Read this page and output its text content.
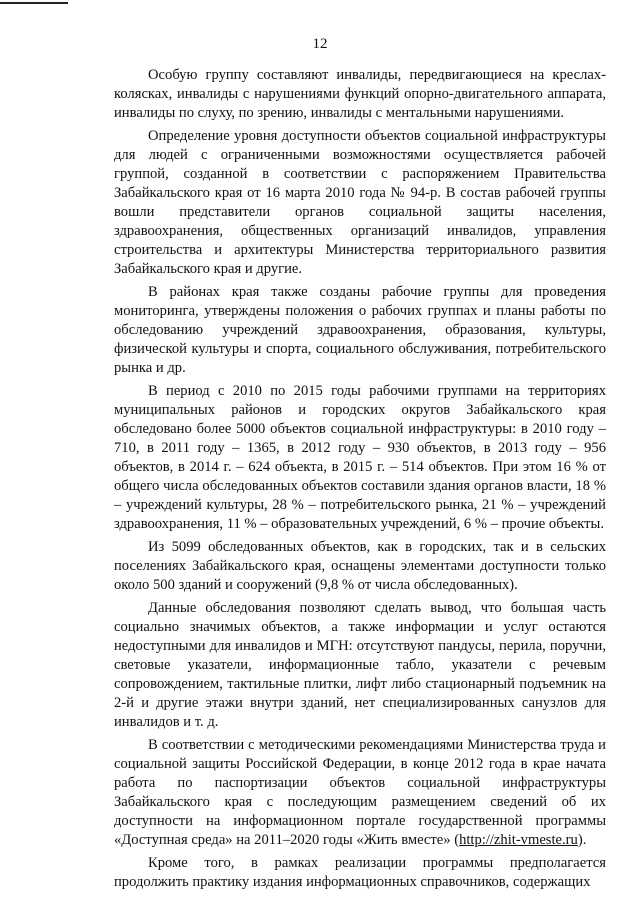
12

Особую группу составляют инвалиды, передвигающиеся на креслах-колясках, инвалиды с нарушениями функций опорно-двигательного аппарата, инвалиды по слуху, по зрению, инвалиды с ментальными нарушениями.

Определение уровня доступности объектов социальной инфраструктуры для людей с ограниченными возможностями осуществляется рабочей группой, созданной в соответствии с распоряжением Правительства Забайкальского края от 16 марта 2010 года № 94-р. В состав рабочей группы вошли представители органов социальной защиты населения, здравоохранения, общественных организаций инвалидов, управления строительства и архитектуры Министерства территориального развития Забайкальского края и другие.

В районах края также созданы рабочие группы для проведения мониторинга, утверждены положения о рабочих группах и планы работы по обследованию учреждений здравоохранения, образования, культуры, физической культуры и спорта, социального обслуживания, потребительского рынка и др.

В период с 2010 по 2015 годы рабочими группами на территориях муниципальных районов и городских округов Забайкальского края обследовано более 5000 объектов социальной инфраструктуры: в 2010 году – 710, в 2011 году – 1365, в 2012 году – 930 объектов, в 2013 году – 956 объектов, в 2014 г. – 624 объекта, в 2015 г. – 514 объектов. При этом 16 % от общего числа обследованных объектов составили здания органов власти, 18 % – учреждений культуры, 28 % – потребительского рынка, 21 % – учреждений здравоохранения, 11 % – образовательных учреждений, 6 % – прочие объекты.

Из 5099 обследованных объектов, как в городских, так и в сельских поселениях Забайкальского края, оснащены элементами доступности только около 500 зданий и сооружений (9,8 % от числа обследованных).

Данные обследования позволяют сделать вывод, что большая часть социально значимых объектов, а также информации и услуг остаются недоступными для инвалидов и МГН: отсутствуют пандусы, перила, поручни, световые указатели, информационные табло, указатели с речевым сопровождением, тактильные плитки, лифт либо стационарный подъемник на 2-й и другие этажи внутри зданий, нет специализированных санузлов для инвалидов и т. д.

В соответствии с методическими рекомендациями Министерства труда и социальной защиты Российской Федерации, в конце 2012 года в крае начата работа по паспортизации объектов социальной инфраструктуры Забайкальского края с последующим размещением сведений об их доступности на информационном портале государственной программы «Доступная среда» на 2011–2020 годы «Жить вместе» (http://zhit-vmeste.ru).

Кроме того, в рамках реализации программы предполагается продолжить практику издания информационных справочников, содержащих
